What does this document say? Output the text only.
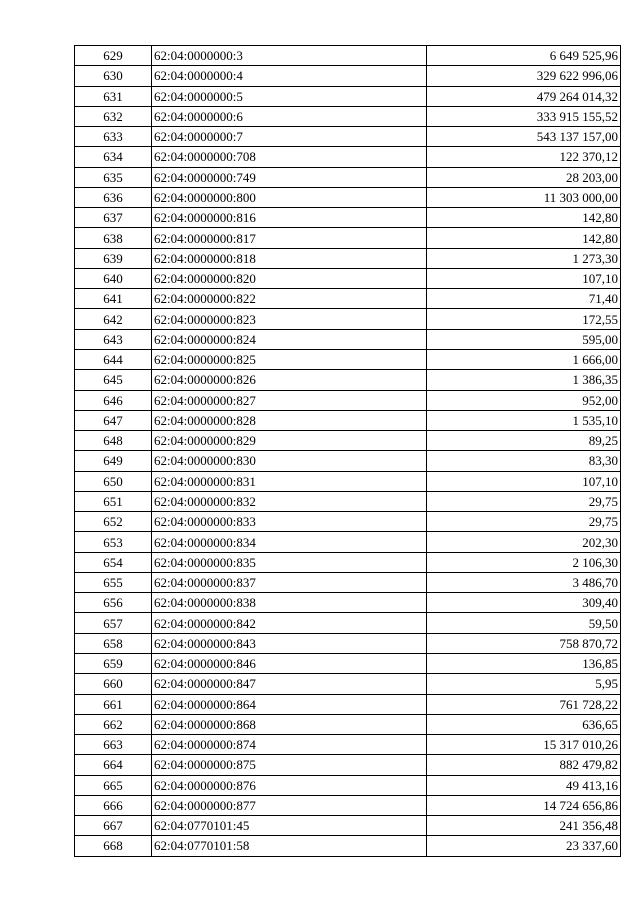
629	62:04:0000000:3	6 649 525,96
630	62:04:0000000:4	329 622 996,06
631	62:04:0000000:5	479 264 014,32
632	62:04:0000000:6	333 915 155,52
633	62:04:0000000:7	543 137 157,00
634	62:04:0000000:708	122 370,12
635	62:04:0000000:749	28 203,00
636	62:04:0000000:800	11 303 000,00
637	62:04:0000000:816	142,80
638	62:04:0000000:817	142,80
639	62:04:0000000:818	1 273,30
640	62:04:0000000:820	107,10
641	62:04:0000000:822	71,40
642	62:04:0000000:823	172,55
643	62:04:0000000:824	595,00
644	62:04:0000000:825	1 666,00
645	62:04:0000000:826	1 386,35
646	62:04:0000000:827	952,00
647	62:04:0000000:828	1 535,10
648	62:04:0000000:829	89,25
649	62:04:0000000:830	83,30
650	62:04:0000000:831	107,10
651	62:04:0000000:832	29,75
652	62:04:0000000:833	29,75
653	62:04:0000000:834	202,30
654	62:04:0000000:835	2 106,30
655	62:04:0000000:837	3 486,70
656	62:04:0000000:838	309,40
657	62:04:0000000:842	59,50
658	62:04:0000000:843	758 870,72
659	62:04:0000000:846	136,85
660	62:04:0000000:847	5,95
661	62:04:0000000:864	761 728,22
662	62:04:0000000:868	636,65
663	62:04:0000000:874	15 317 010,26
664	62:04:0000000:875	882 479,82
665	62:04:0000000:876	49 413,16
666	62:04:0000000:877	14 724 656,86
667	62:04:0770101:45	241 356,48
668	62:04:0770101:58	23 337,60
